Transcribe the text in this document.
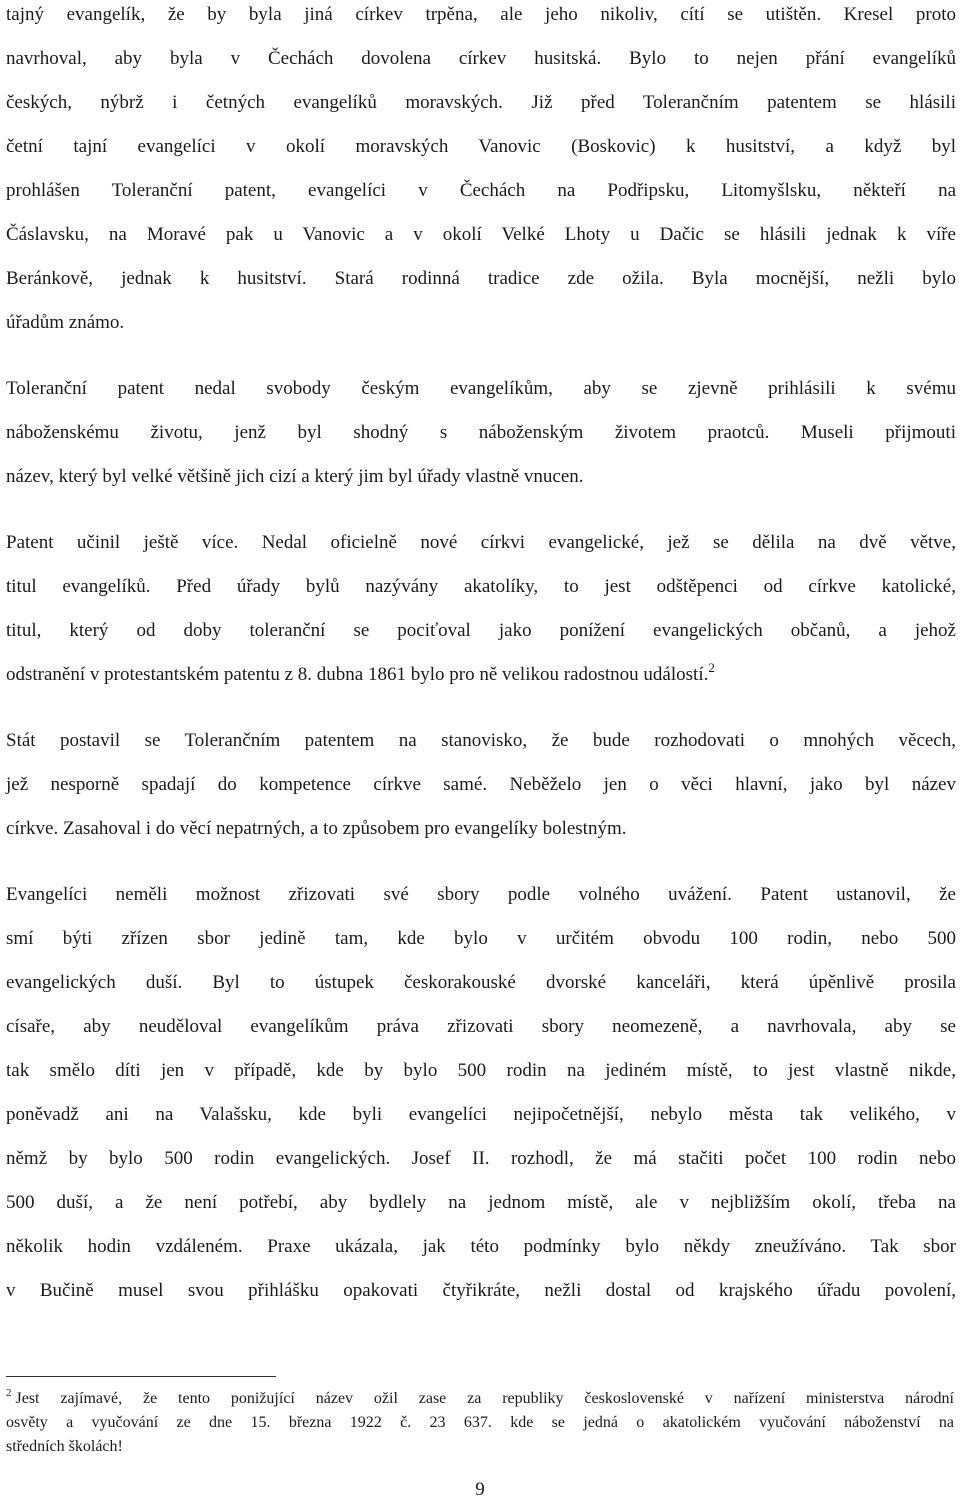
tajný evangelík, že by byla jiná církev trpěna, ale jeho nikoliv, cítí se utištěn. Kresel proto
navrhoval, aby byla v Čechách dovolena církev husitská. Bylo to nejen přání evangelíků
českých, nýbrž i četných evangelíků moravských. Již před Tolerančním patentem se hlásili
četní tajní evangelíci v okolí moravských Vanovic (Boskovic) k husitství, a když byl
prohlášen Toleranční patent, evangelíci v Čechách na Podřipsku, Litomyšlsku, někteří na
Čáslavsku, na Moravé pak u Vanovic a v okolí Velké Lhoty u Dačic se hlásili jednak k víře
Beránkově, jednak k husitství. Stará rodinná tradice zde ožila. Byla mocnější, nežli bylo
úřadům známo.

Toleranční patent nedal svobody českým evangelíkům, aby se zjevně prihlásili k svému
náboženskému životu, jenž byl shodný s náboženským životem praotců. Museli přijmouti
název, který byl velké většině jich cizí a který jim byl úřady vlastně vnucen.

Patent učinil ještě více. Nedal oficielně nové církvi evangelické, jež se dělila na dvě větve,
titul evangelíků. Před úřady bylů nazývány akatolíky, to jest odštěpenci od církve katolické,
titul, který od doby toleranční se pociťoval jako ponížení evangelických občanů, a jehož
odstranění v protestantském patentu z 8. dubna 1861 bylo pro ně velikou radostnou událostí.$^2$

Stát postavil se Tolerančním patentem na stanovisko, že bude rozhodovati o mnohých věcech,
jež nesporně spadají do kompetence církve samé. Neběželo jen o věci hlavní, jako byl název
církve. Zasahoval i do věcí nepatrných, a to způsobem pro evangelíky bolestným.

Evangelíci neměli možnost zřizovati své sbory podle volného uvážení. Patent ustanovil, že
smí býti zřízen sbor jedině tam, kde bylo v určitém obvodu 100 rodin, nebo 500
evangelických duší. Byl to ústupek českorakouské dvorské kanceláři, která úpěnlivě prosila
císaře, aby neuděloval evangelíkům práva zřizovati sbory neomezeně, a navrhovala, aby se
tak smělo díti jen v případě, kde by bylo 500 rodin na jediném místě, to jest vlastně nikde,
poněvadž ani na Valašsku, kde byli evangelíci nejipočetnější, nebylo města tak velikého, v
němž by bylo 500 rodin evangelických. Josef II. rozhodl, že má stačiti počet 100 rodin nebo
500 duší, a že není potřebí, aby bydlely na jednom místě, ale v nejbližším okolí, třeba na
několik hodin vzdáleném. Praxe ukázala, jak této podmínky bylo někdy zneužíváno. Tak sbor
v Bučině musel svou přihlášku opakovati čtyřikráte, nežli dostal od krajského úřadu povolení,

$^2$ Jest zajímavé, že tento ponižující název ožil zase za republiky československé v nařízení ministerstva národní
osvěty a vyučování ze dne 15. března 1922 č. 23 637. kde se jedná o akatolickém vyučování náboženství na
středních školách!
9
